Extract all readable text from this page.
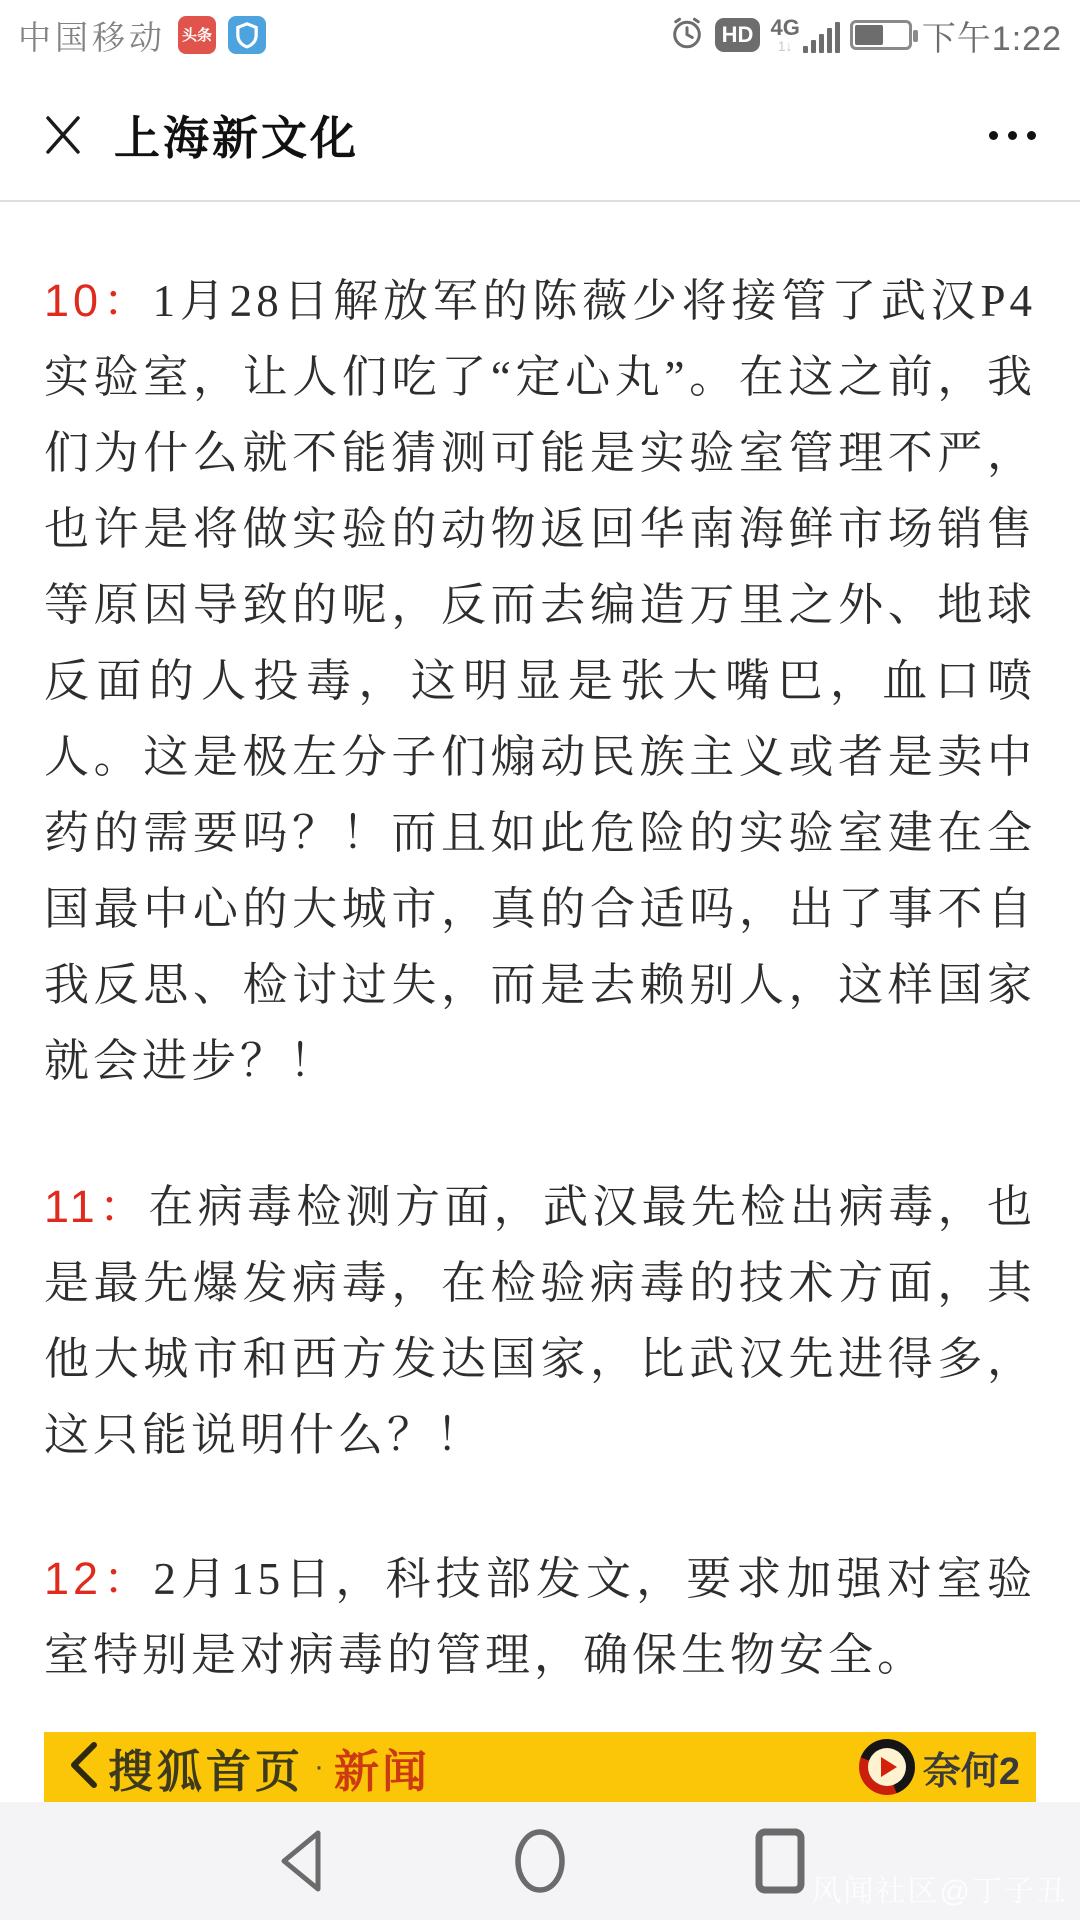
中国移动 头条	HD 4G
1↓	下午1:22
上海新文化

10：1月28日解放军的陈薇少将接管了武汉P4实验室，让人们吃了“定心丸”。在这之前，我们为什么就不能猜测可能是实验室管理不严，也许是将做实验的动物返回华南海鲜市场销售等原因导致的呢，反而去编造万里之外、地球反面的人投毒，这明显是张大嘴巴，血口喷人。这是极左分子们煽动民族主义或者是卖中药的需要吗？！而且如此危险的实验室建在全国最中心的大城市，真的合适吗，出了事不自我反思、检讨过失，而是去赖别人，这样国家就会进步？！

11：在病毒检测方面，武汉最先检出病毒，也是最先爆发病毒，在检验病毒的技术方面，其他大城市和西方发达国家，比武汉先进得多，这只能说明什么？！

12：2月15日，科技部发文，要求加强对室验室特别是对病毒的管理，确保生物安全。

搜狐首页 · 新闻	奈何2
风闻社区@丁子丑
